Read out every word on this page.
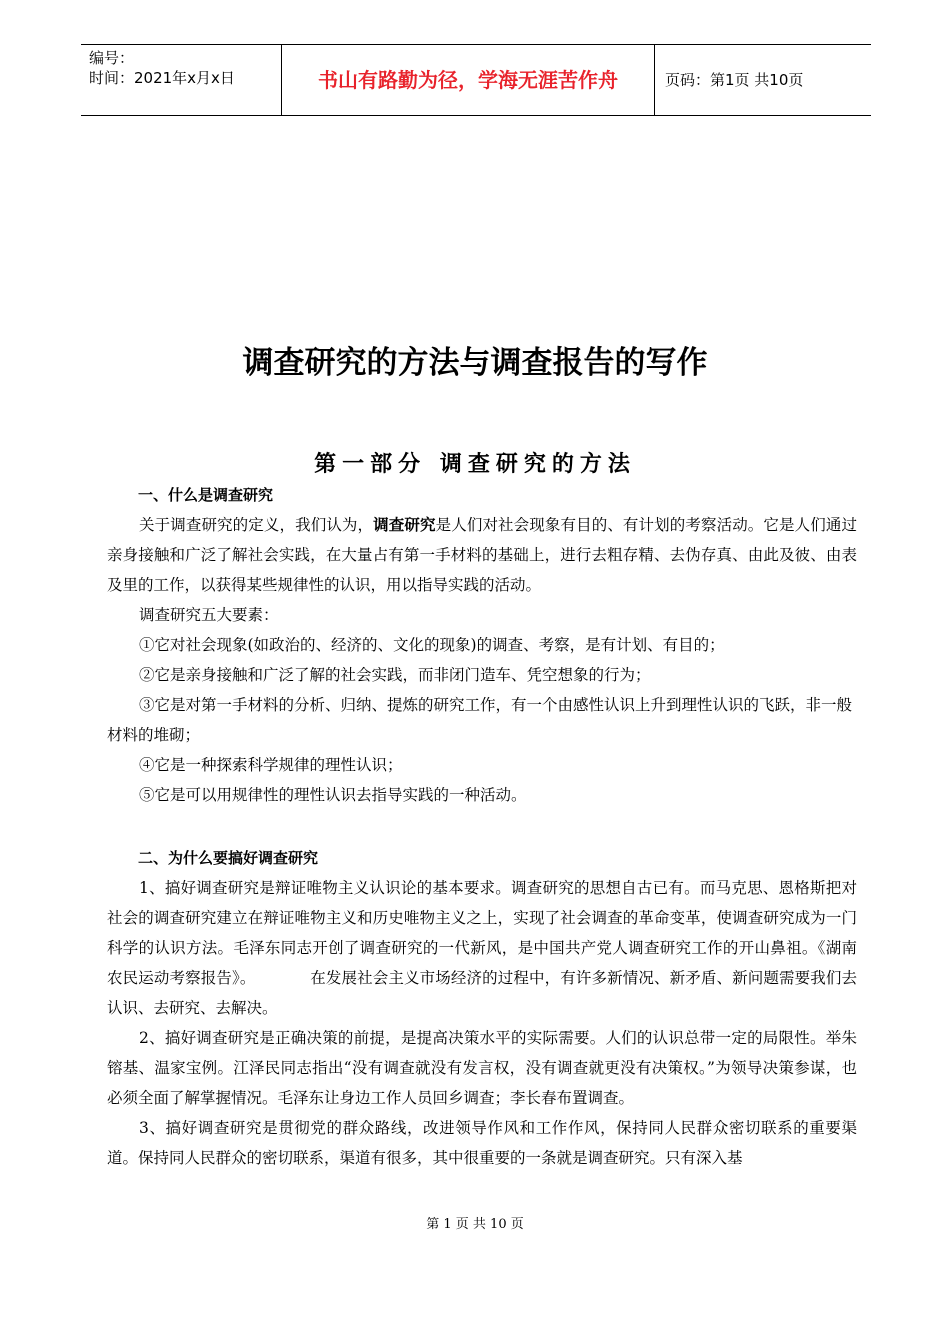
编号：
时间：2021年x月x日	书山有路勤为径，学海无涯苦作舟	页码：第1页 共10页
调查研究的方法与调查报告的写作
第一部分 调查研究的方法

一、什么是调查研究

关于调查研究的定义，我们认为，调查研究是人们对社会现象有目的、有计划的考察活动。它是人们通过亲身接触和广泛了解社会实践，在大量占有第一手材料的基础上，进行去粗存精、去伪存真、由此及彼、由表及里的工作，以获得某些规律性的认识，用以指导实践的活动。

调查研究五大要素：

①它对社会现象(如政治的、经济的、文化的现象)的调查、考察，是有计划、有目的；

②它是亲身接触和广泛了解的社会实践，而非闭门造车、凭空想象的行为；

③它是对第一手材料的分析、归纳、提炼的研究工作，有一个由感性认识上升到理性认识的飞跃，非一般材料的堆砌；

④它是一种探索科学规律的理性认识；

⑤它是可以用规律性的理性认识去指导实践的一种活动。

二、为什么要搞好调查研究

1、搞好调查研究是辩证唯物主义认识论的基本要求。调查研究的思想自古已有。而马克思、恩格斯把对社会的调查研究建立在辩证唯物主义和历史唯物主义之上，实现了社会调查的革命变革，使调查研究成为一门科学的认识方法。毛泽东同志开创了调查研究的一代新风，是中国共产党人调查研究工作的开山鼻祖。《湖南农民运动考察报告》。　　　　在发展社会主义市场经济的过程中，有许多新情况、新矛盾、新问题需要我们去认识、去研究、去解决。

2、搞好调查研究是正确决策的前提，是提高决策水平的实际需要。人们的认识总带一定的局限性。举朱镕基、温家宝例。江泽民同志指出“没有调查就没有发言权，没有调查就更没有决策权。”为领导决策参谋，也必须全面了解掌握情况。毛泽东让身边工作人员回乡调查；李长春布置调查。

3、搞好调查研究是贯彻党的群众路线，改进领导作风和工作作风，保持同人民群众密切联系的重要渠道。保持同人民群众的密切联系，渠道有很多，其中很重要的一条就是调查研究。只有深入基

第 1 页 共 10 页
